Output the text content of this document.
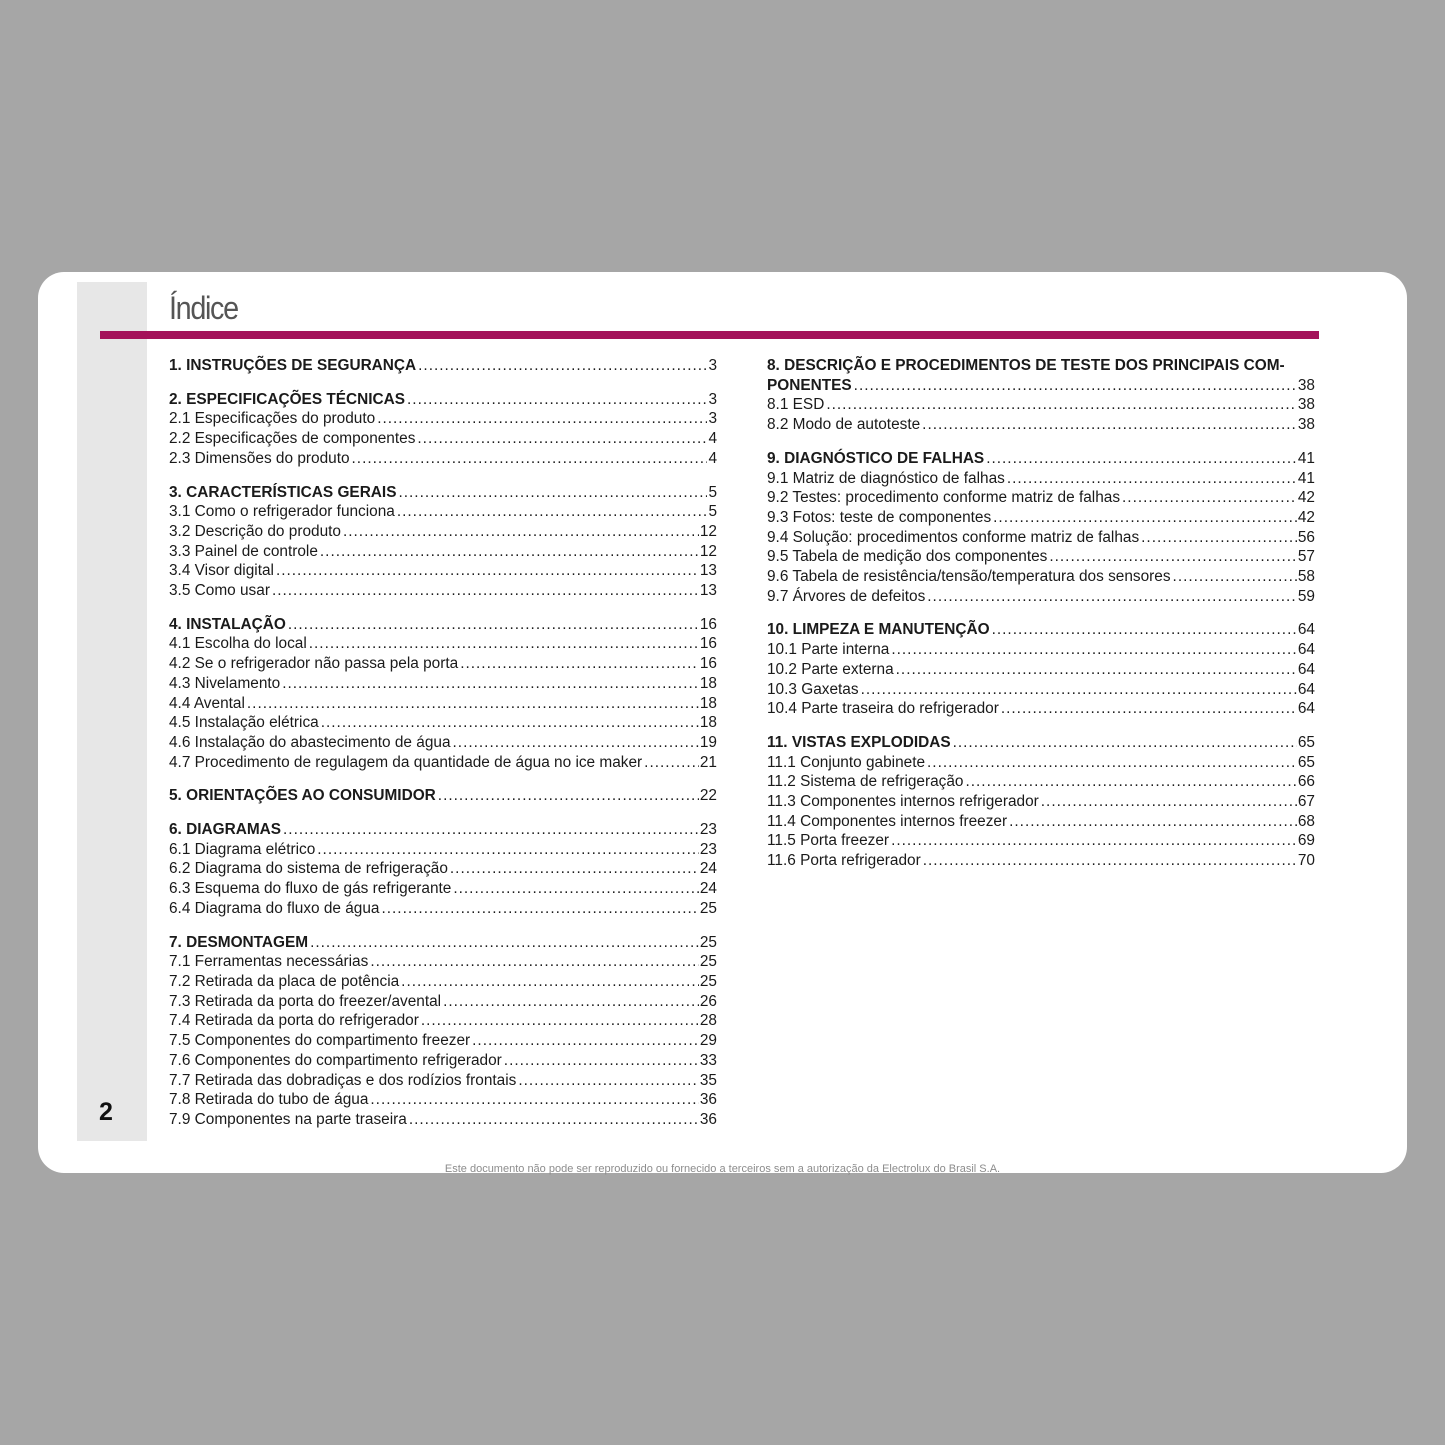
2
Índice
1. INSTRUÇÕES DE SEGURANÇA .....	3
2. ESPECIFICAÇÕES TÉCNICAS .....	3
2.1 Especificações do produto .....	3
2.2 Especificações de componentes .....	4
2.3 Dimensões do produto .....	4
3. CARACTERÍSTICAS GERAIS .....	5
3.1 Como o refrigerador funciona .....	5
3.2 Descrição do produto .....	12
3.3 Painel de controle .....	12
3.4 Visor digital .....	13
3.5 Como usar .....	13
4. INSTALAÇÃO .....	16
4.1 Escolha do local .....	16
4.2 Se o refrigerador não passa pela porta .....	16
4.3 Nivelamento .....	18
4.4 Avental .....	18
4.5 Instalação elétrica .....	18
4.6 Instalação do abastecimento de água .....	19
4.7 Procedimento de regulagem da quantidade de água no ice maker .....	21
5. ORIENTAÇÕES AO CONSUMIDOR .....	22
6. DIAGRAMAS .....	23
6.1 Diagrama elétrico .....	23
6.2 Diagrama do sistema de refrigeração .....	24
6.3 Esquema do fluxo de gás refrigerante .....	24
6.4 Diagrama do fluxo de água .....	25
7. DESMONTAGEM .....	25
7.1 Ferramentas necessárias .....	25
7.2 Retirada da placa de potência .....	25
7.3 Retirada da porta do freezer/avental .....	26
7.4 Retirada da porta do refrigerador .....	28
7.5 Componentes do compartimento freezer .....	29
7.6 Componentes do compartimento refrigerador .....	33
7.7 Retirada das dobradiças e dos rodízios frontais .....	35
7.8 Retirada do tubo de água .....	36
7.9 Componentes na parte traseira .....	36
8. DESCRIÇÃO E PROCEDIMENTOS DE TESTE DOS PRINCIPAIS COM-
PONENTES .....	38
8.1 ESD .....	38
8.2 Modo de autoteste .....	38
9. DIAGNÓSTICO DE FALHAS .....	41
9.1 Matriz de diagnóstico de falhas .....	41
9.2 Testes: procedimento conforme matriz de falhas .....	42
9.3 Fotos: teste de componentes .....	42
9.4 Solução: procedimentos conforme matriz de falhas .....	56
9.5 Tabela de medição dos componentes .....	57
9.6 Tabela de resistência/tensão/temperatura dos sensores .....	58
9.7 Árvores de defeitos .....	59
10. LIMPEZA E MANUTENÇÃO .....	64
10.1 Parte interna .....	64
10.2 Parte externa .....	64
10.3 Gaxetas .....	64
10.4 Parte traseira do refrigerador .....	64
11. VISTAS EXPLODIDAS .....	65
11.1 Conjunto gabinete .....	65
11.2 Sistema de refrigeração .....	66
11.3 Componentes internos refrigerador .....	67
11.4 Componentes internos freezer .....	68
11.5 Porta freezer .....	69
11.6 Porta refrigerador .....	70
Este documento não pode ser reproduzido ou fornecido a terceiros sem a autorização da Electrolux do Brasil S.A.
